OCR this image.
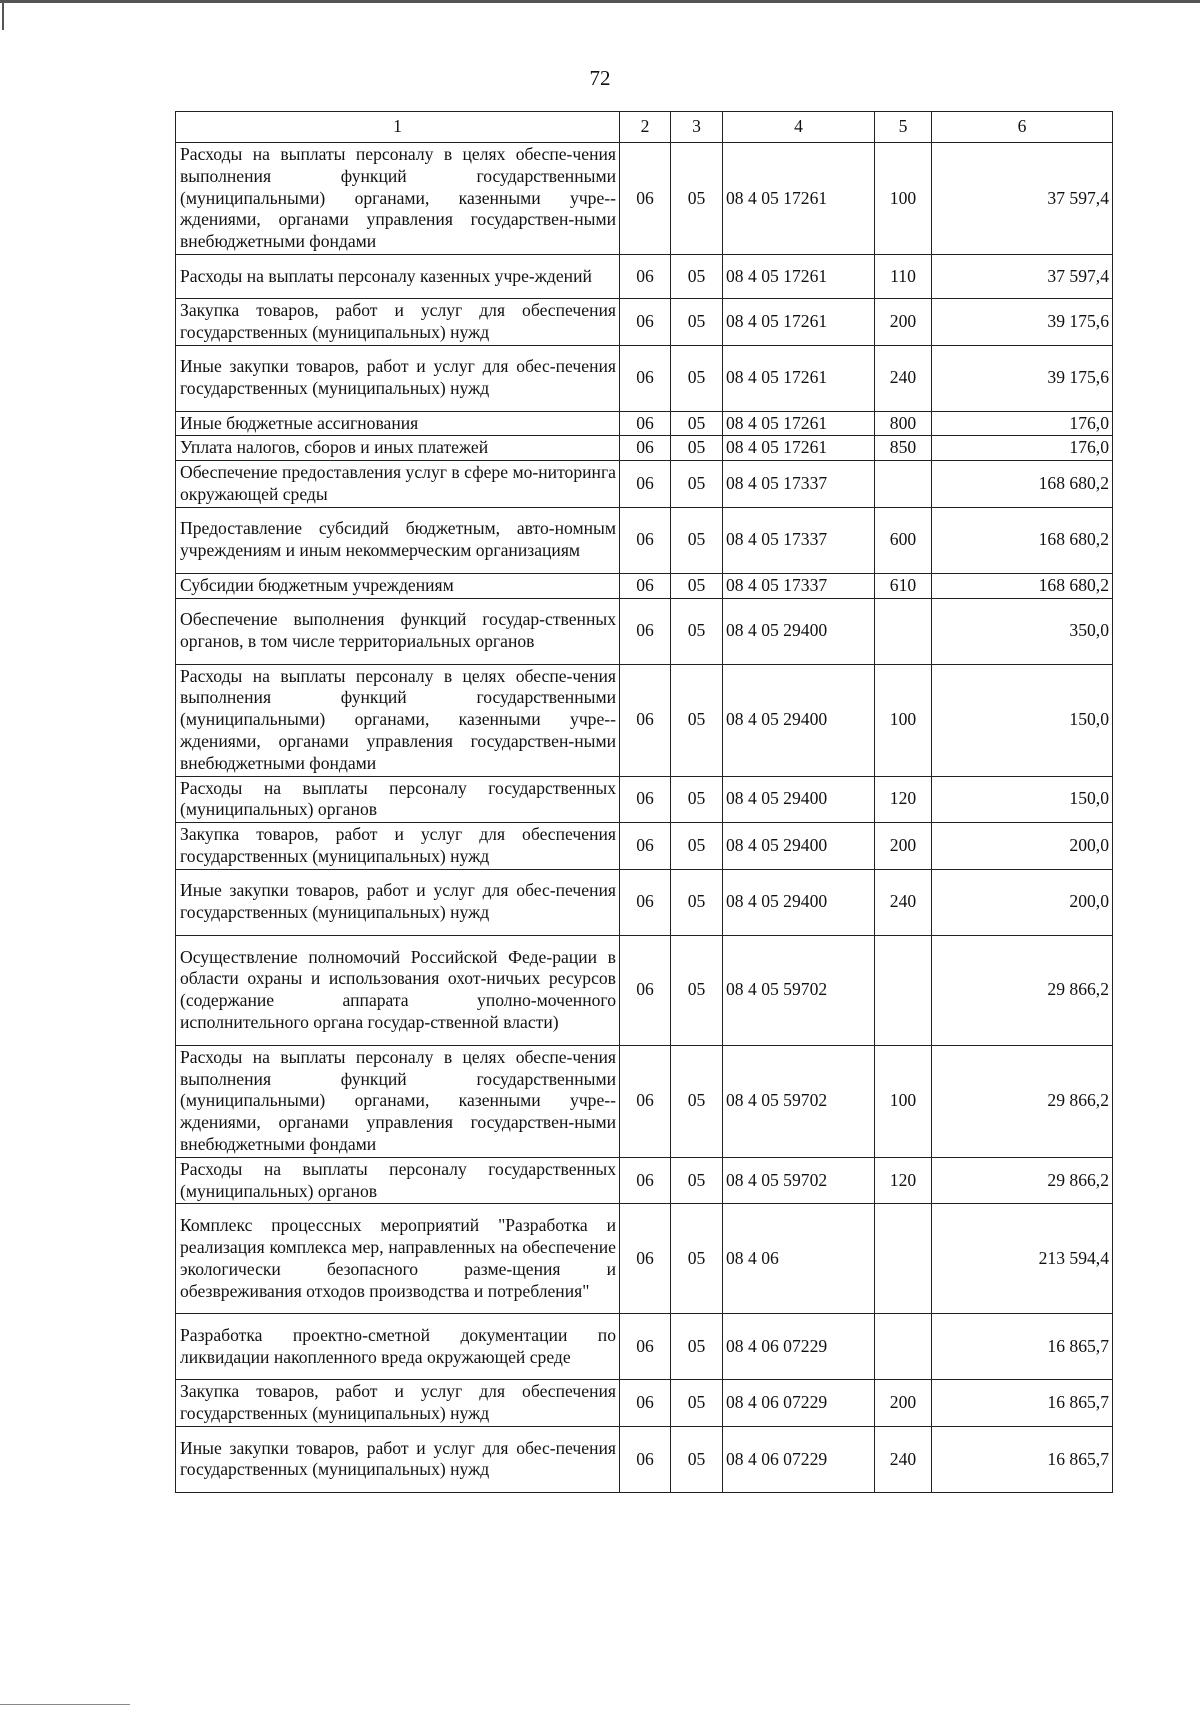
72
1	2	3	4	5	6
Расходы на выплаты персоналу в целях обеспе-чения выполнения функций государственными (муниципальными) органами, казенными учре-ждениями, органами управления государствен-ными внебюджетными фондами	06	05	08 4 05 17261	100	37 597,4
Расходы на выплаты персоналу казенных учре-ждений	06	05	08 4 05 17261	110	37 597,4
Закупка товаров, работ и услуг для обеспечения государственных (муниципальных) нужд	06	05	08 4 05 17261	200	39 175,6
Иные закупки товаров, работ и услуг для обес-печения государственных (муниципальных) нужд	06	05	08 4 05 17261	240	39 175,6
Иные бюджетные ассигнования	06	05	08 4 05 17261	800	176,0
Уплата налогов, сборов и иных платежей	06	05	08 4 05 17261	850	176,0
Обеспечение предоставления услуг в сфере мо-ниторинга окружающей среды	06	05	08 4 05 17337		168 680,2
Предоставление субсидий бюджетным, авто-номным учреждениям и иным некоммерческим организациям	06	05	08 4 05 17337	600	168 680,2
Субсидии бюджетным учреждениям	06	05	08 4 05 17337	610	168 680,2
Обеспечение выполнения функций государ-ственных органов, в том числе территориальных органов	06	05	08 4 05 29400		350,0
Расходы на выплаты персоналу в целях обеспе-чения выполнения функций государственными (муниципальными) органами, казенными учре-ждениями, органами управления государствен-ными внебюджетными фондами	06	05	08 4 05 29400	100	150,0
Расходы на выплаты персоналу государственных (муниципальных) органов	06	05	08 4 05 29400	120	150,0
Закупка товаров, работ и услуг для обеспечения государственных (муниципальных) нужд	06	05	08 4 05 29400	200	200,0
Иные закупки товаров, работ и услуг для обес-печения государственных (муниципальных) нужд	06	05	08 4 05 29400	240	200,0
Осуществление полномочий Российской Феде-рации в области охраны и использования охот-ничьих ресурсов (содержание аппарата уполно-моченного исполнительного органа государ-ственной власти)	06	05	08 4 05 59702		29 866,2
Расходы на выплаты персоналу в целях обеспе-чения выполнения функций государственными (муниципальными) органами, казенными учре-ждениями, органами управления государствен-ными внебюджетными фондами	06	05	08 4 05 59702	100	29 866,2
Расходы на выплаты персоналу государственных (муниципальных) органов	06	05	08 4 05 59702	120	29 866,2
Комплекс процессных мероприятий "Разработка и реализация комплекса мер, направленных на обеспечение экологически безопасного разме-щения и обезвреживания отходов производства и потребления"	06	05	08 4 06		213 594,4
Разработка проектно-сметной документации по ликвидации накопленного вреда окружающей среде	06	05	08 4 06 07229		16 865,7
Закупка товаров, работ и услуг для обеспечения государственных (муниципальных) нужд	06	05	08 4 06 07229	200	16 865,7
Иные закупки товаров, работ и услуг для обес-печения государственных (муниципальных) нужд	06	05	08 4 06 07229	240	16 865,7
